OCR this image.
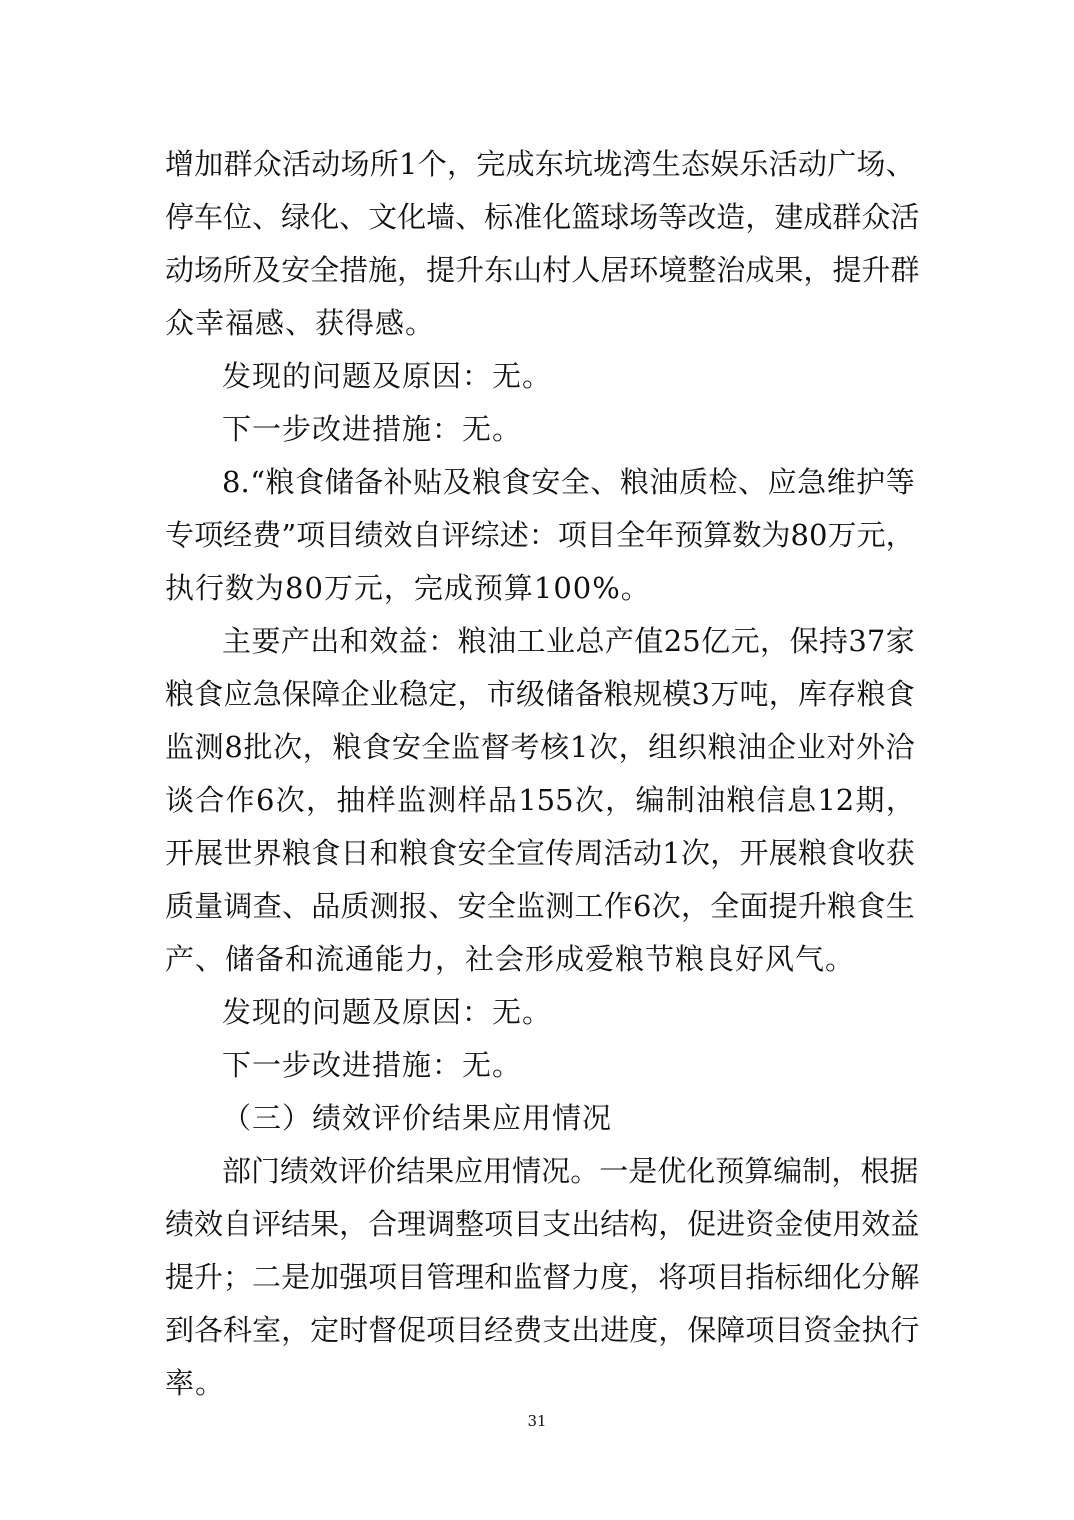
增 加 群 众 活 动 场 所 1 个 ， 完 成 东 坑 垅 湾 生 态 娱 乐 活 动 广 场 、
停 车 位 、 绿 化 、 文 化 墙 、 标 准 化 篮 球 场 等 改 造 ， 建 成 群 众 活
动 场 所 及 安 全 措 施 ， 提 升 东 山 村 人 居 环 境 整 治 成 果 ， 提 升 群
众幸福感、获得感。
发现的问题及原因：无。
下一步改进措施：无。
8. “ 粮 食 储 备 补 贴 及 粮 食 安 全 、 粮 油 质 检 、 应 急 维 护 等
专 项 经 费 ” 项 目 绩 效 自 评 综 述 ： 项 目 全 年 预 算 数 为 80 万 元 ，
执行数为80万元，完成预算100%。
主 要 产 出 和 效 益 ： 粮 油 工 业 总 产 值 25 亿 元 ， 保 持 37 家
粮 食 应 急 保 障 企 业 稳 定 ， 市 级 储 备 粮 规 模 3 万 吨 ， 库 存 粮 食
监 测 8 批 次 ， 粮 食 安 全 监 督 考 核 1 次 ， 组 织 粮 油 企 业 对 外 洽
谈 合 作 6 次 ， 抽 样 监 测 样 品 155 次 ， 编 制 油 粮 信 息 12 期 ，
开 展 世 界 粮 食 日 和 粮 食 安 全 宣 传 周 活 动 1 次 ， 开 展 粮 食 收 获
质 量 调 查 、 品 质 测 报 、 安 全 监 测 工 作 6 次 ， 全 面 提 升 粮 食 生
产、储备和流通能力，社会形成爱粮节粮良好风气。
发现的问题及原因：无。
下一步改进措施：无。
（三）绩效评价结果应用情况
部 门 绩 效 评 价 结 果 应 用 情 况 。 一 是 优 化 预 算 编 制 ， 根 据
绩 效 自 评 结 果 ， 合 理 调 整 项 目 支 出 结 构 ， 促 进 资 金 使 用 效 益
提 升 ； 二 是 加 强 项 目 管 理 和 监 督 力 度 ， 将 项 目 指 标 细 化 分 解
到 各 科 室 ， 定 时 督 促 项 目 经 费 支 出 进 度 ， 保 障 项 目 资 金 执 行
率。
31
